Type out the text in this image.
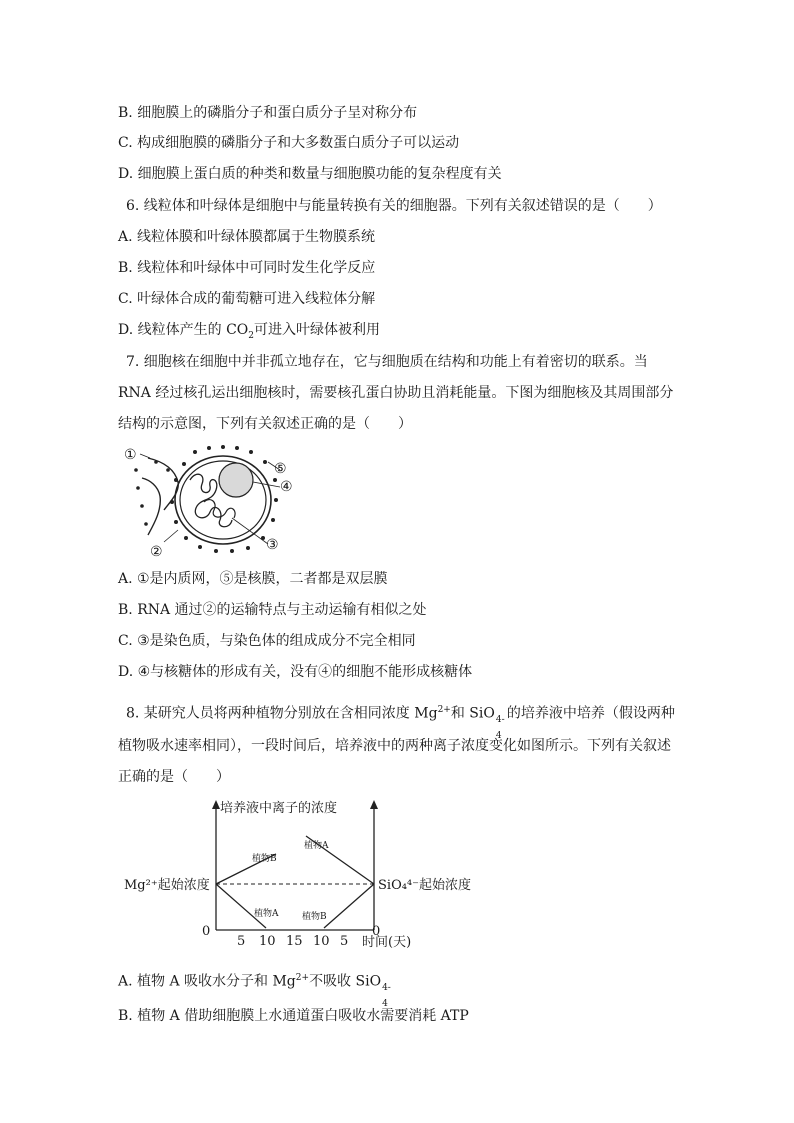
B. 细胞膜上的磷脂分子和蛋白质分子呈对称分布
C. 构成细胞膜的磷脂分子和大多数蛋白质分子可以运动
D. 细胞膜上蛋白质的种类和数量与细胞膜功能的复杂程度有关
6. 线粒体和叶绿体是细胞中与能量转换有关的细胞器。下列有关叙述错误的是（　　）
A. 线粒体膜和叶绿体膜都属于生物膜系统
B. 线粒体和叶绿体中可同时发生化学反应
C. 叶绿体合成的葡萄糖可进入线粒体分解
D. 线粒体产生的 $CO_2$可进入叶绿体被利用
7. 细胞核在细胞中并非孤立地存在，它与细胞质在结构和功能上有着密切的联系。当
RNA 经过核孔运出细胞核时，需要核孔蛋白协助且消耗能量。下图为细胞核及其周围部分
结构的示意图，下列有关叙述正确的是（　　）
①
②	③
④
⑤
A. ①是内质网，⑤是核膜，二者都是双层膜
B. RNA 通过②的运输特点与主动运输有相似之处
C. ③是染色质，与染色体的组成成分不完全相同
D. ④与核糖体的形成有关，没有④的细胞不能形成核糖体
8. 某研究人员将两种植物分别放在含相同浓度 $Mg^{2+}$和 SiO 4-
4
的培养液中培养（假设两种
植物吸水速率相同），一段时间后，培养液中的两种离子浓度变化如图所示。下列有关叙述
正确的是（　　）
培养液中离子的浓度
Mg²⁺起始浓度	SiO₄⁴⁻起始浓度
植物B
植物A
植物A
植物B
0	0
5 10 15 10 5 时间(天)
A. 植物 A 吸收水分子和 $Mg^{2+}$不吸收 SiO 4-
4
B. 植物 A 借助细胞膜上水通道蛋白吸收水需要消耗 ATP
